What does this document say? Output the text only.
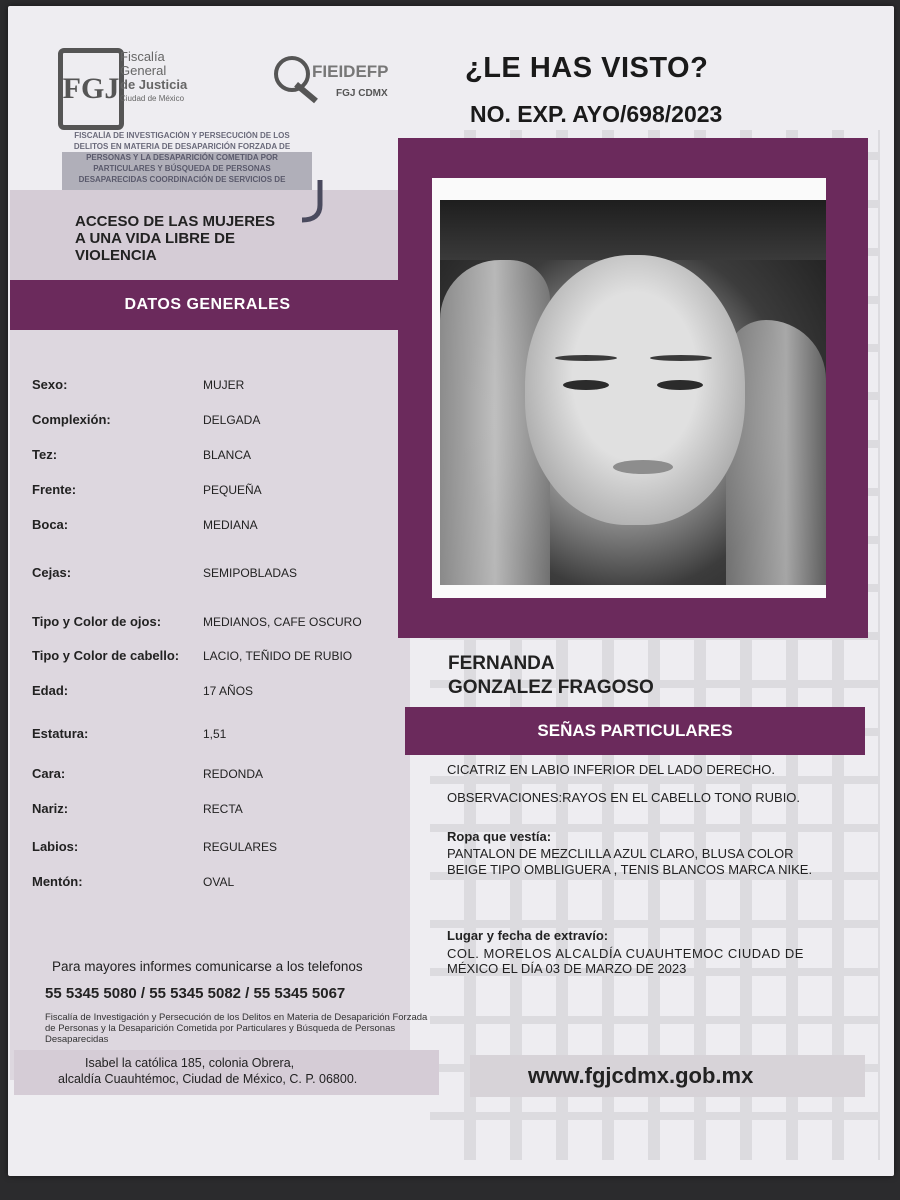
FGJ
Fiscalía
General
de Justicia
Ciudad de México
FIEIDEFP
FGJ CDMX
FISCALÍA DE INVESTIGACIÓN Y PERSECUCIÓN DE LOS DELITOS EN MATERIA DE DESAPARICIÓN FORZADA DE PERSONAS Y LA DESAPARICIÓN COMETIDA POR PARTICULARES Y BÚSQUEDA DE PERSONAS DESAPARECIDAS COORDINACIÓN DE SERVICIOS DE
¿LE HAS VISTO?
NO. EXP. AYO/698/2023
ACCESO DE LAS MUJERES
A UNA VIDA LIBRE DE
VIOLENCIA
DATOS GENERALES
Sexo:	MUJER
Complexión:	DELGADA
Tez:	BLANCA
Frente:	PEQUEÑA
Boca:	MEDIANA
Cejas:	SEMIPOBLADAS
Tipo y Color de ojos:	MEDIANOS, CAFE OSCURO
Tipo y Color de cabello: LACIO, TEÑIDO DE RUBIO
Edad:	17 AÑOS
Estatura:	1,51
Cara:	REDONDA
Nariz:	RECTA
Labios:	REGULARES
Mentón:	OVAL
FERNANDA
GONZALEZ FRAGOSO
SEÑAS PARTICULARES
CICATRIZ EN LABIO INFERIOR DEL LADO DERECHO.
OBSERVACIONES:RAYOS EN EL CABELLO TONO RUBIO.
Ropa que vestía:
PANTALON DE MEZCLILLA AZUL CLARO, BLUSA COLOR
BEIGE TIPO OMBLIGUERA , TENIS BLANCOS MARCA NIKE.
Lugar y fecha de extravío:
COL. MORELOS ALCALDÍA CUAUHTEMOC CIUDAD DE
MÉXICO EL DÍA 03 DE MARZO DE 2023
Para mayores informes comunicarse a los telefonos
55 5345 5080 / 55 5345 5082 / 55 5345 5067
Fiscalía de Investigación y Persecución de los Delitos en Materia de Desaparición Forzada de Personas y la Desaparición Cometida por Particulares y Búsqueda de Personas Desaparecidas
Isabel la católica 185, colonia Obrera,
alcaldía Cuauhtémoc, Ciudad de México, C. P. 06800.	www.fgjcdmx.gob.mx
